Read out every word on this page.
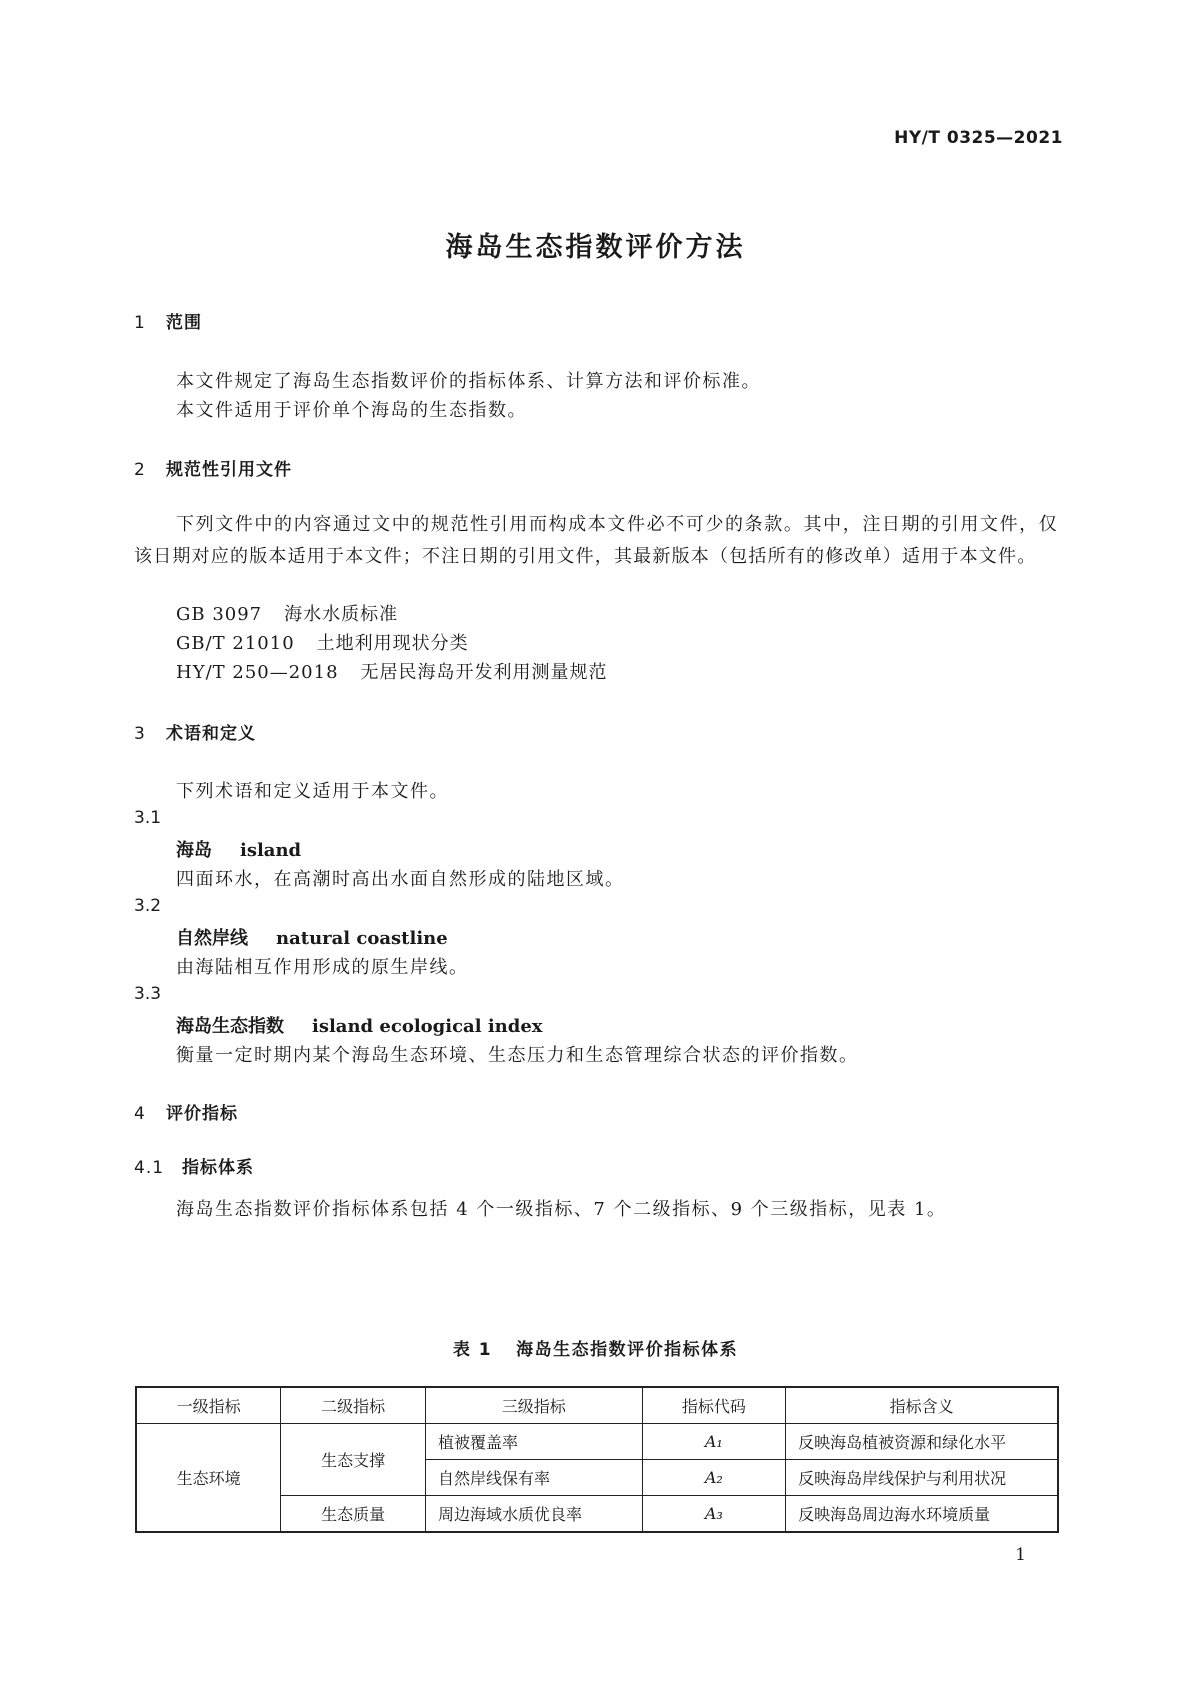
HY/T 0325—2021
海岛生态指数评价方法
1 范围
本文件规定了海岛生态指数评价的指标体系、计算方法和评价标准。
本文件适用于评价单个海岛的生态指数。
2 规范性引用文件
下列文件中的内容通过文中的规范性引用而构成本文件必不可少的条款。其中，注日期的引用文件，仅该日期对应的版本适用于本文件；不注日期的引用文件，其最新版本（包括所有的修改单）适用于本文件。
GB 3097 海水水质标准
GB/T 21010 土地利用现状分类
HY/T 250—2018 无居民海岛开发利用测量规范
3 术语和定义
下列术语和定义适用于本文件。
3.1
海岛 island
四面环水，在高潮时高出水面自然形成的陆地区域。
3.2
自然岸线 natural coastline
由海陆相互作用形成的原生岸线。
3.3
海岛生态指数 island ecological index
衡量一定时期内某个海岛生态环境、生态压力和生态管理综合状态的评价指数。
4 评价指标
4.1 指标体系
海岛生态指数评价指标体系包括 4 个一级指标、7 个二级指标、9 个三级指标，见表 1。
表 1 海岛生态指数评价指标体系
一级指标	二级指标	三级指标	指标代码	指标含义
生态环境	生态支撑	植被覆盖率	A₁	反映海岛植被资源和绿化水平
		自然岸线保有率	A₂	反映海岛岸线保护与利用状况
	生态质量	周边海域水质优良率	A₃	反映海岛周边海水环境质量
1
